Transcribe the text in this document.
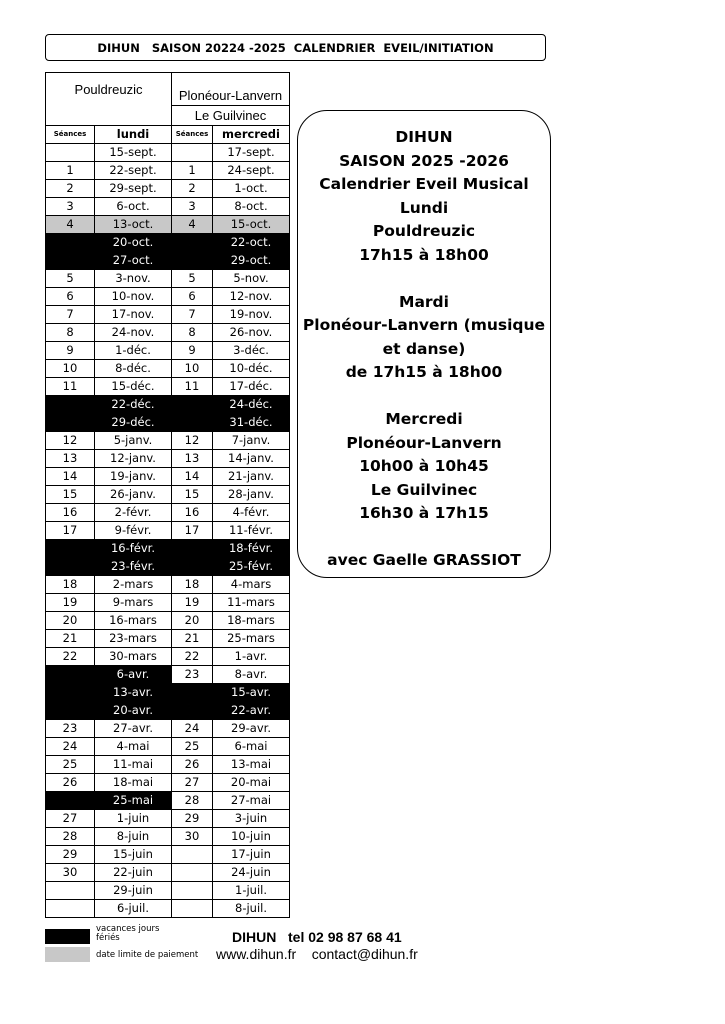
DIHUN   SAISON 20224 -2025  CALENDRIER  EVEIL/INITIATION
Pouldreuzic		Plonéour-Lanvern	
		Le Guilvinec	
Séances	lundi	Séances	mercredi
	15-sept.		17-sept.
1	22-sept.	1	24-sept.
2	29-sept.	2	1-oct.
3	6-oct.	3	8-oct.
4	13-oct.	4	15-oct.
	20-oct.		22-oct.
	27-oct.		29-oct.
5	3-nov.	5	5-nov.
6	10-nov.	6	12-nov.
7	17-nov.	7	19-nov.
8	24-nov.	8	26-nov.
9	1-déc.	9	3-déc.
10	8-déc.	10	10-déc.
11	15-déc.	11	17-déc.
	22-déc.		24-déc.
	29-déc.		31-déc.
12	5-janv.	12	7-janv.
13	12-janv.	13	14-janv.
14	19-janv.	14	21-janv.
15	26-janv.	15	28-janv.
16	2-févr.	16	4-févr.
17	9-févr.	17	11-févr.
	16-févr.		18-févr.
	23-févr.		25-févr.
18	2-mars	18	4-mars
19	9-mars	19	11-mars
20	16-mars	20	18-mars
21	23-mars	21	25-mars
22	30-mars	22	1-avr.
	6-avr.	23	8-avr.
	13-avr.		15-avr.
	20-avr.		22-avr.
23	27-avr.	24	29-avr.
24	4-mai	25	6-mai
25	11-mai	26	13-mai
26	18-mai	27	20-mai
	25-mai	28	27-mai
27	1-juin	29	3-juin
28	8-juin	30	10-juin
29	15-juin		17-juin
30	22-juin		24-juin
	29-juin		1-juil.
	6-juil.		8-juil.
DIHUN
SAISON 2025 -2026
Calendrier Eveil Musical
Lundi
Pouldreuzic
17h15 à 18h00
Mardi
Plonéour-Lanvern (musique
et danse)
de 17h15 à 18h00
Mercredi
Plonéour-Lanvern
10h00 à 10h45
Le Guilvinec
16h30 à 17h15
avec Gaelle GRASSIOT
vacances jours fériés
date limite de paiement
DIHUN   tel 02 98 87 68 41
www.dihun.fr    contact@dihun.fr
